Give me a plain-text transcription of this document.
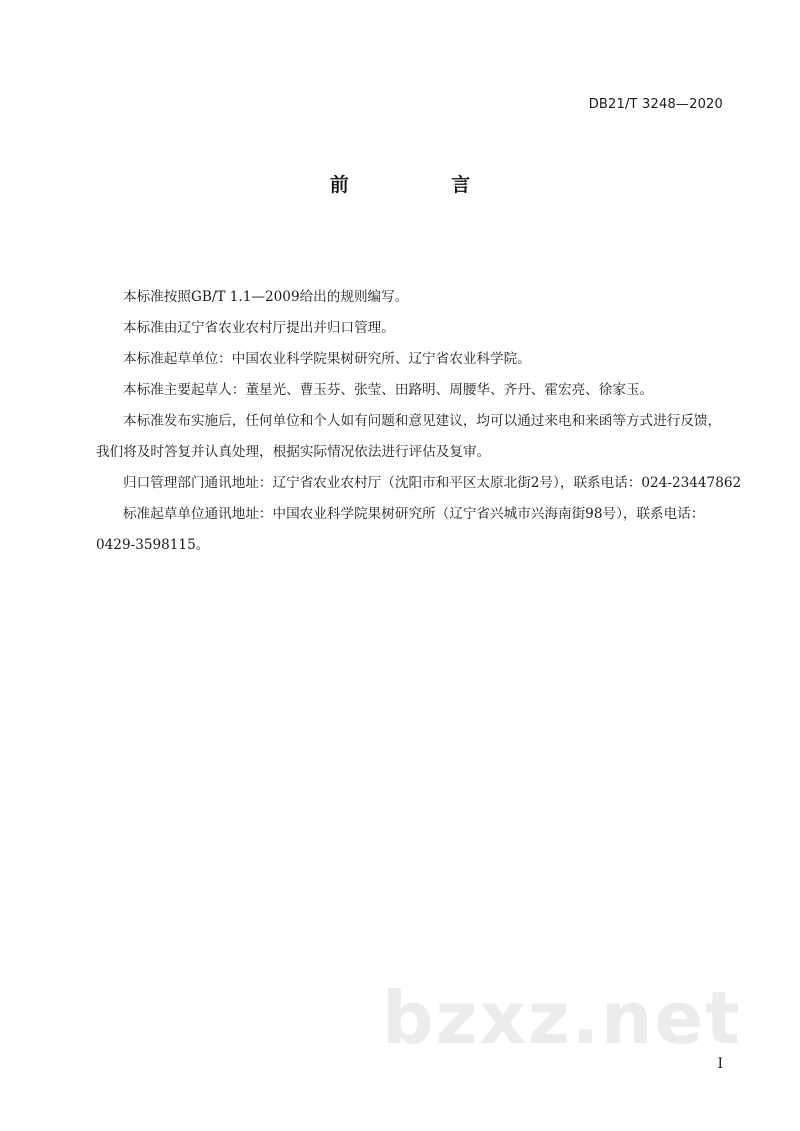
DB21/T 3248—2020
前 言

本标准按照GB/T 1.1—2009给出的规则编写。

本标准由辽宁省农业农村厅提出并归口管理。

本标准起草单位：中国农业科学院果树研究所、辽宁省农业科学院。

本标准主要起草人：董星光、曹玉芬、张莹、田路明、周腰华、齐丹、霍宏亮、徐家玉。

本标准发布实施后，任何单位和个人如有问题和意见建议，均可以通过来电和来函等方式进行反馈，
我们将及时答复并认真处理，根据实际情况依法进行评估及复审。

归口管理部门通讯地址：辽宁省农业农村厅（沈阳市和平区太原北街2号），联系电话：024-23447862

标准起草单位通讯地址：中国农业科学院果树研究所（辽宁省兴城市兴海南街98号），联系电话：
0429-3598115。
bzxz.net
I
